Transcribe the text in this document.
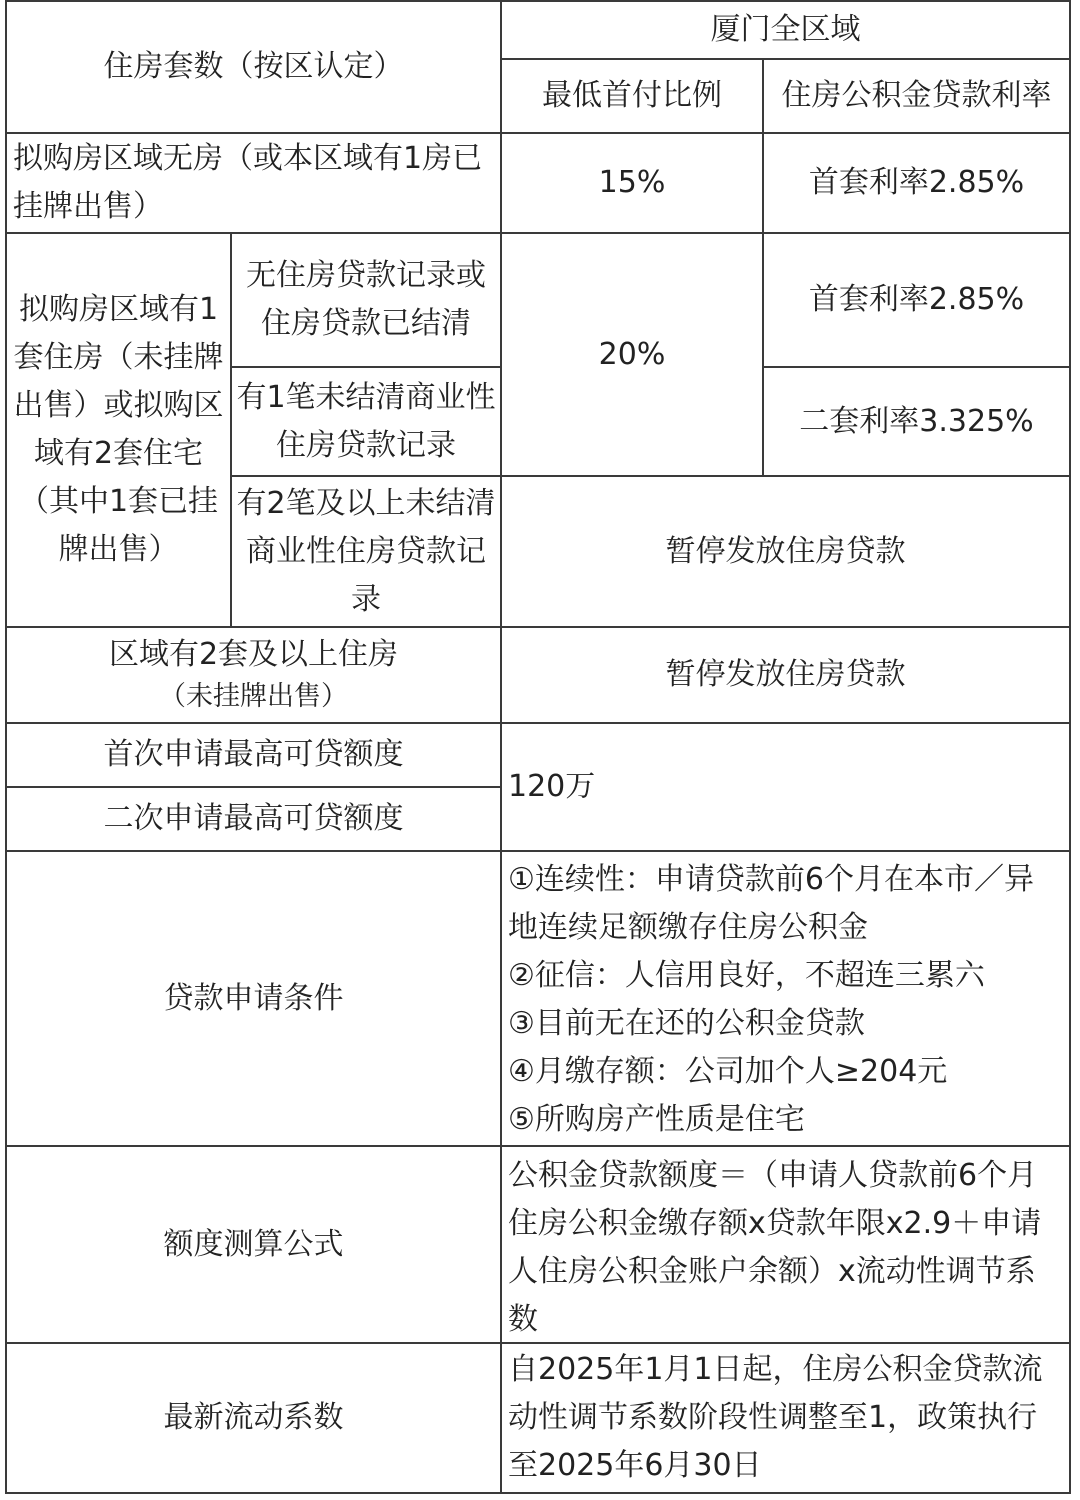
住房套数（按区认定）
厦门全区域
最低首付比例 住房公积金贷款利率
拟购房区域无房（或本区域有1房已挂牌出售）
15%	首套利率2.85%
拟购房区域有1套住房（未挂牌出售）或拟购区域有2套住宅（其中1套已挂牌出售）
无住房贷款记录或住房贷款已结清
有1笔未结清商业性住房贷款记录
有2笔及以上未结清商业性住房贷款记录
20%
首套利率2.85%
二套利率3.325%
暂停发放住房贷款
区域有2套及以上住房
（未挂牌出售）
暂停发放住房贷款
首次申请最高可贷额度
二次申请最高可贷额度
120万
贷款申请条件
①连续性：申请贷款前6个月在本市／异地连续足额缴存住房公积金
②征信：人信用良好，不超连三累六
③目前无在还的公积金贷款
④月缴存额：公司加个人≥204元
⑤所购房产性质是住宅
额度测算公式
公积金贷款额度＝（申请人贷款前6个月住房公积金缴存额x贷款年限x2.9＋申请人住房公积金账户余额）x流动性调节系数
最新流动系数
自2025年1月1日起，住房公积金贷款流动性调节系数阶段性调整至1，政策执行至2025年6月30日
